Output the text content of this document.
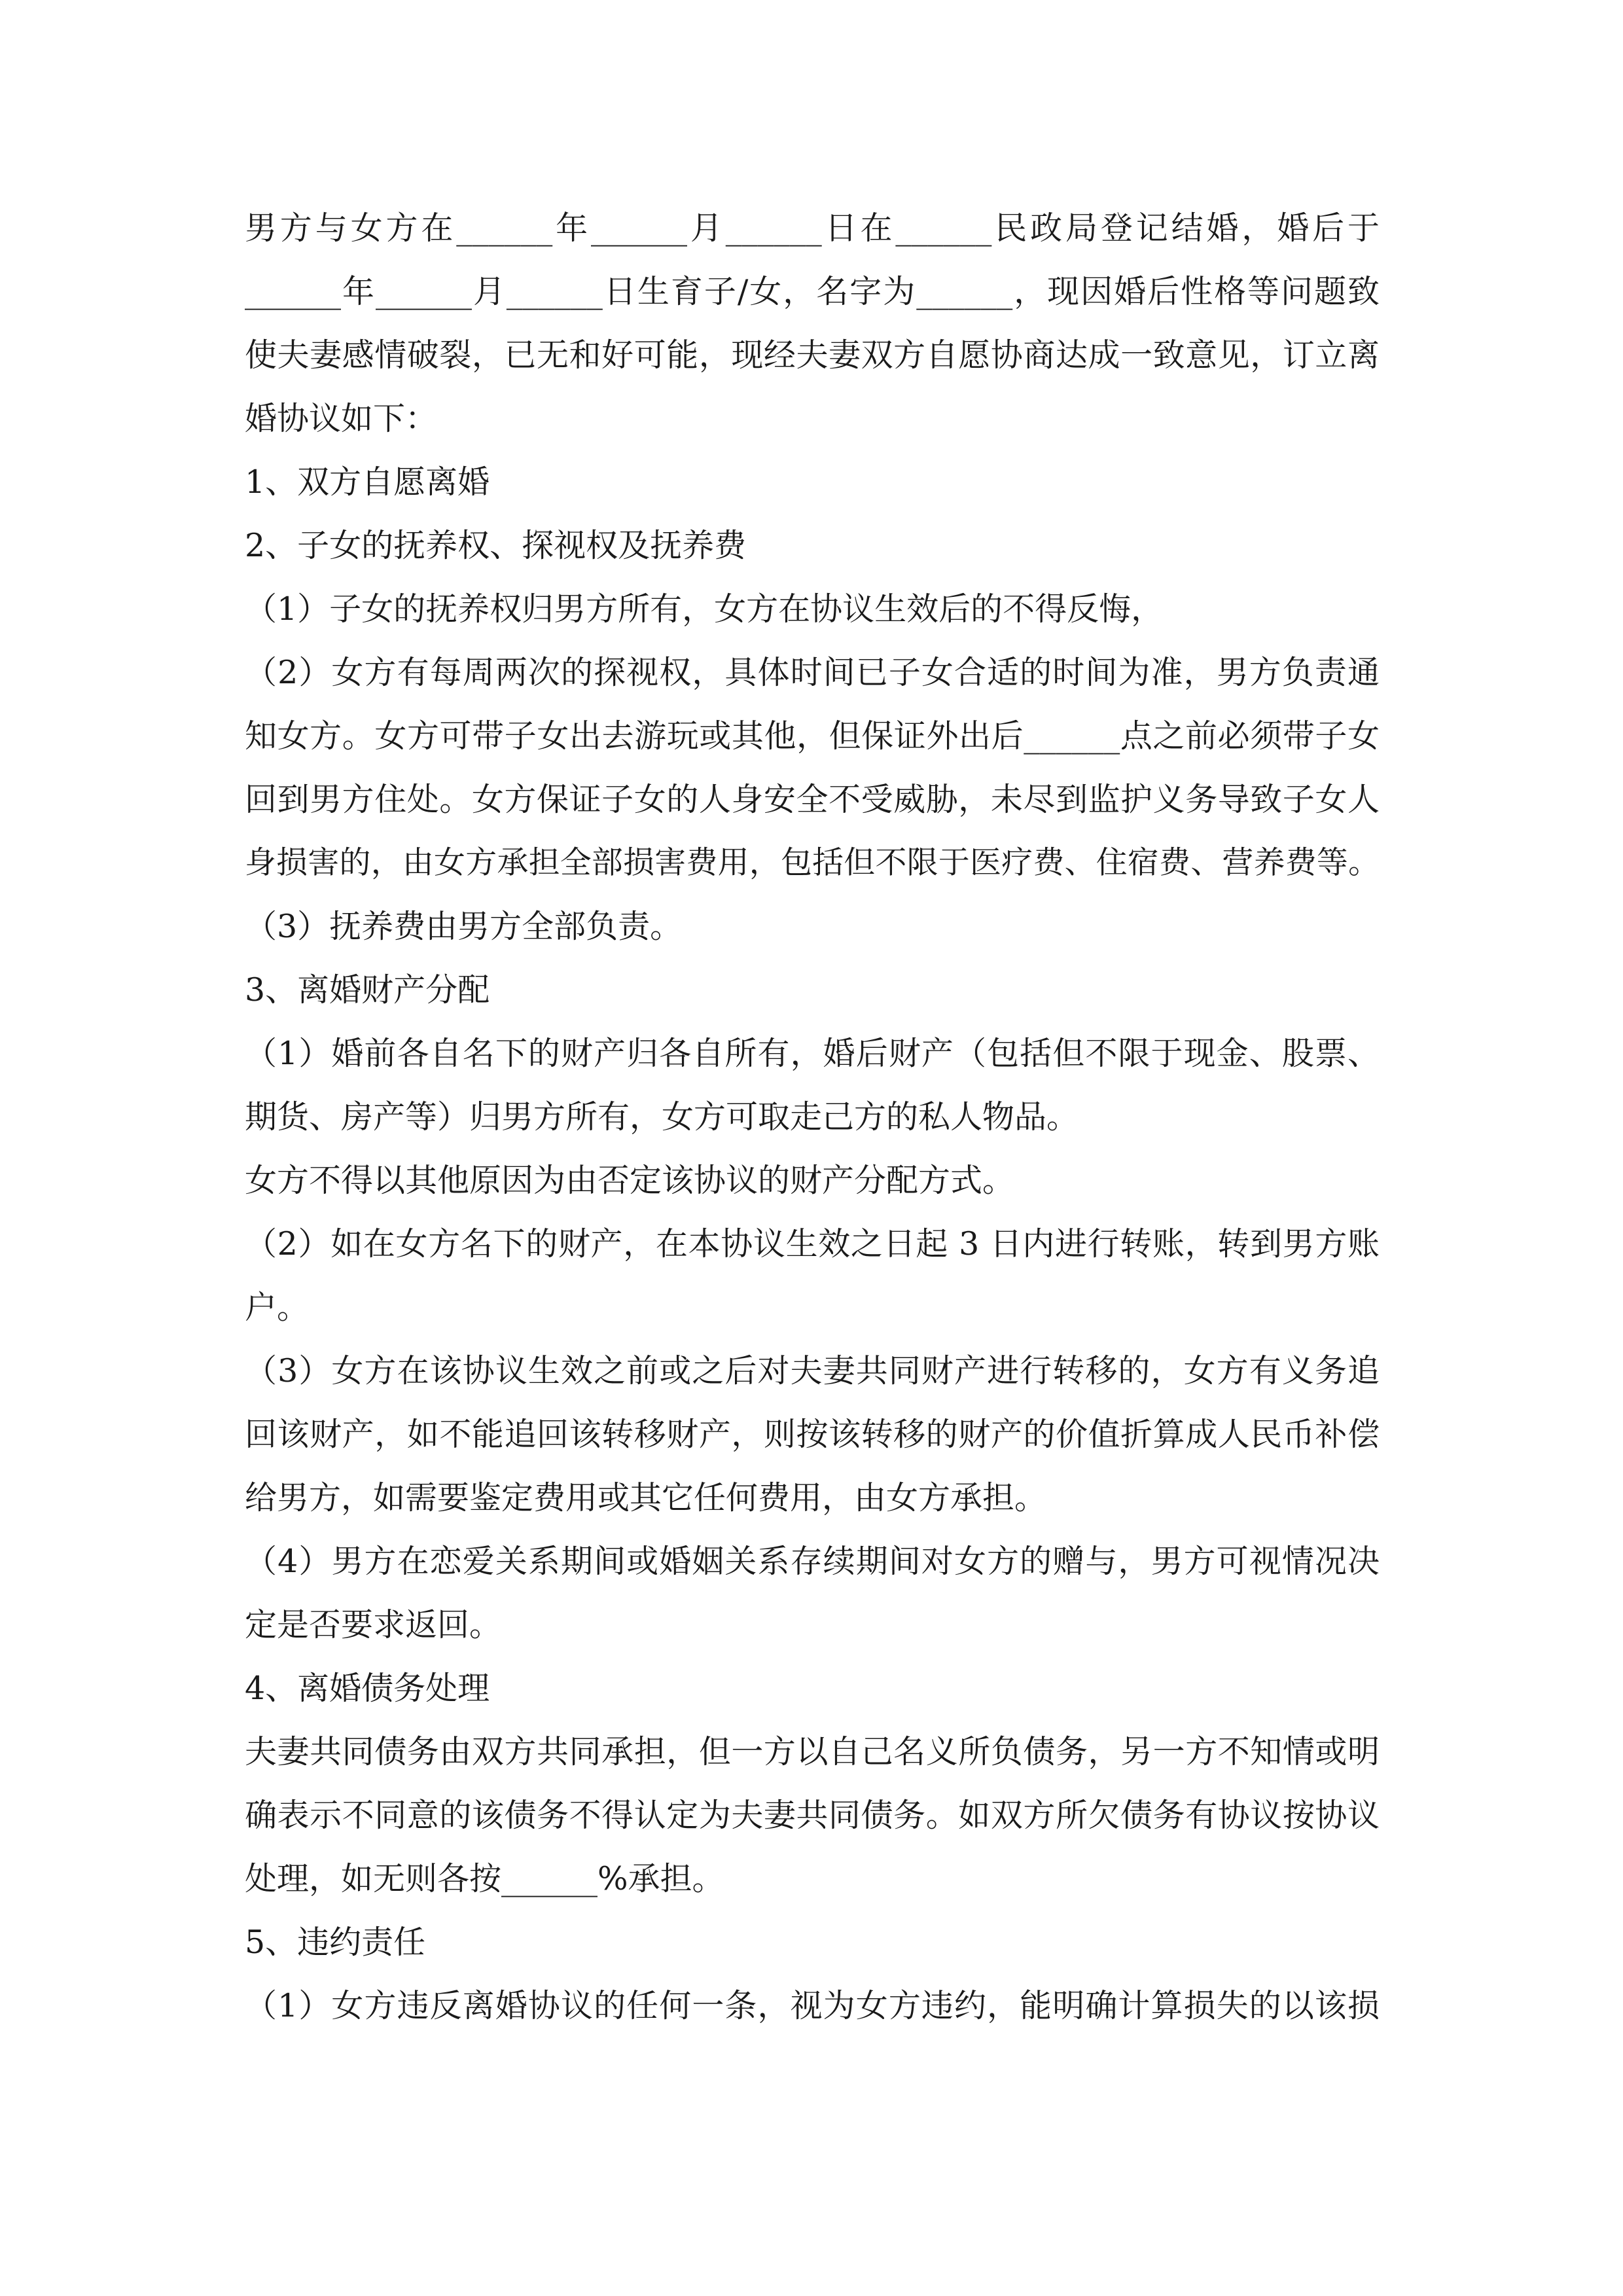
男方与女方在______年______月______日在______民政局登记结婚，婚后于
______年______月______日生育子/女，名字为______，现因婚后性格等问题致
使夫妻感情破裂，已无和好可能，现经夫妻双方自愿协商达成一致意见，订立离
婚协议如下：
1、双方自愿离婚
2、子女的抚养权、探视权及抚养费
（1）子女的抚养权归男方所有，女方在协议生效后的不得反悔，
（2）女方有每周两次的探视权，具体时间已子女合适的时间为准，男方负责通
知女方。女方可带子女出去游玩或其他，但保证外出后______点之前必须带子女
回到男方住处。女方保证子女的人身安全不受威胁，未尽到监护义务导致子女人
身损害的，由女方承担全部损害费用，包括但不限于医疗费、住宿费、营养费等。
（3）抚养费由男方全部负责。
3、离婚财产分配
（1）婚前各自名下的财产归各自所有，婚后财产（包括但不限于现金、股票、
期货、房产等）归男方所有，女方可取走己方的私人物品。
女方不得以其他原因为由否定该协议的财产分配方式。
（2）如在女方名下的财产，在本协议生效之日起 3 日内进行转账，转到男方账
户。
（3）女方在该协议生效之前或之后对夫妻共同财产进行转移的，女方有义务追
回该财产，如不能追回该转移财产，则按该转移的财产的价值折算成人民币补偿
给男方，如需要鉴定费用或其它任何费用，由女方承担。
（4）男方在恋爱关系期间或婚姻关系存续期间对女方的赠与，男方可视情况决
定是否要求返回。
4、离婚债务处理
夫妻共同债务由双方共同承担，但一方以自己名义所负债务，另一方不知情或明
确表示不同意的该债务不得认定为夫妻共同债务。如双方所欠债务有协议按协议
处理，如无则各按______%承担。
5、违约责任
（1）女方违反离婚协议的任何一条，视为女方违约，能明确计算损失的以该损
